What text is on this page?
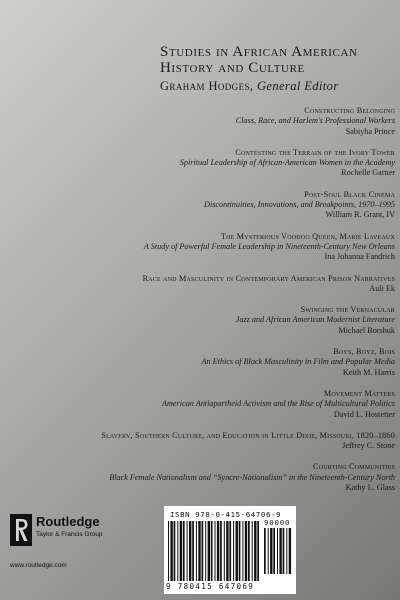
Studies in African American

History and Culture

Graham Hodges, General Editor
Constructing Belonging
Class, Race, and Harlem's Professional Workers
Sabiyha Prince
Contesting the Terrain of the Ivory Tower
Spiritual Leadership of African-American Women in the Academy
Rochelle Garner
Post-Soul Black Cinema
Discontinuities, Innovations, and Breakpoints, 1970–1995
William R. Grant, IV
The Mysterious Voodoo Queen, Marie Laveaux
A Study of Powerful Female Leadership in Nineteenth-Century New Orleans
Ina Johanna Fandrich
Race and Masculinity in Contemporary American Prison Narratives
Auli Ek
Swinging the Vernacular
Jazz and African American Modernist Literature
Michael Borshuk
Boys, Boyz, Bois
An Ethics of Black Masculinity in Film and Popular Media
Keith M. Harris
Movement Matters
American Antiapartheid Activism and the Rise of Multicultural Politics
David L. Hostetter
Slavery, Southern Culture, and Education in Little Dixie, Missouri, 1820–1860
Jeffrey C. Stone
Courting Communities
Black Female Nationalism and “Syncre-Nationalism” in the Nineteenth-Century North
Kathy L. Glass
Routledge
Taylor & Francis Group
www.routledge.com
ISBN 978-0-415-64706-9
90000
9 780415 647069
